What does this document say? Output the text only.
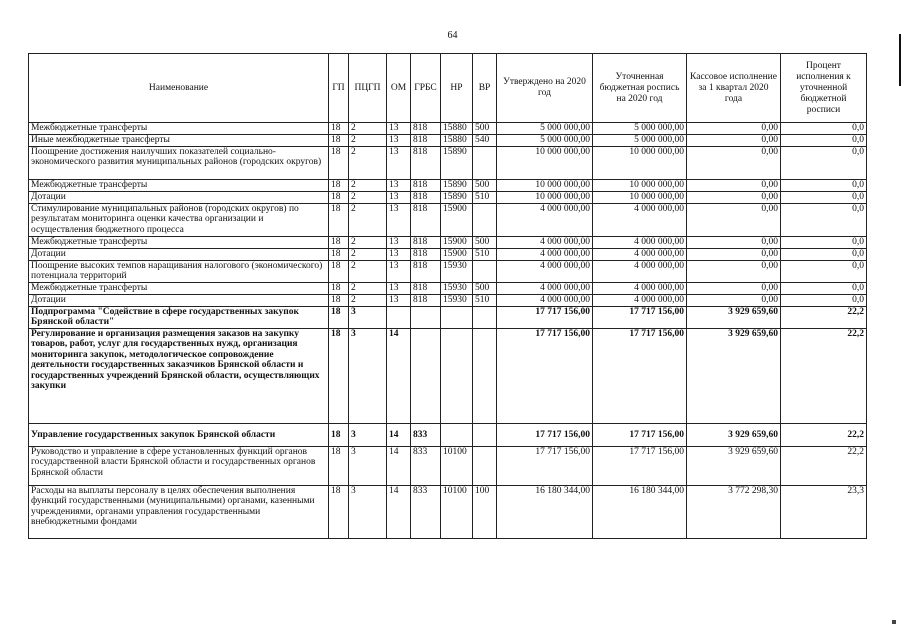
64
Наименование	ГП	ПЦГП	ОМ	ГРБС	НР	ВР	Утверждено на 2020 год	Уточненная бюджетная роспись на 2020 год	Кассовое исполнение за 1 квартал 2020 года	Процент исполнения к уточненной бюджетной росписи
Межбюджетные трансферты	18	2	13	818	15880	500	5 000 000,00	5 000 000,00	0,00	0,0
Иные межбюджетные трансферты	18	2	13	818	15880	540	5 000 000,00	5 000 000,00	0,00	0,0
Поощрение достижения наилучших показателей социально-экономического развития муниципальных районов (городских округов)	18	2	13	818	15890		10 000 000,00	10 000 000,00	0,00	0,0
Межбюджетные трансферты	18	2	13	818	15890	500	10 000 000,00	10 000 000,00	0,00	0,0
Дотации	18	2	13	818	15890	510	10 000 000,00	10 000 000,00	0,00	0,0
Стимулирование муниципальных районов (городских округов) по результатам мониторинга оценки качества организации и осуществления бюджетного процесса	18	2	13	818	15900		4 000 000,00	4 000 000,00	0,00	0,0
Межбюджетные трансферты	18	2	13	818	15900	500	4 000 000,00	4 000 000,00	0,00	0,0
Дотации	18	2	13	818	15900	510	4 000 000,00	4 000 000,00	0,00	0,0
Поощрение высоких темпов наращивания налогового (экономического) потенциала территорий	18	2	13	818	15930		4 000 000,00	4 000 000,00	0,00	0,0
Межбюджетные трансферты	18	2	13	818	15930	500	4 000 000,00	4 000 000,00	0,00	0,0
Дотации	18	2	13	818	15930	510	4 000 000,00	4 000 000,00	0,00	0,0
Подпрограмма "Содействие в сфере государственных закупок Брянской области"	18	3					17 717 156,00	17 717 156,00	3 929 659,60	22,2
Регулирование и организация размещения заказов на закупку товаров, работ, услуг для государственных нужд, организация мониторинга закупок, методологическое сопровождение деятельности государственных заказчиков Брянской области и государственных учреждений Брянской области, осуществляющих закупки	18	3	14				17 717 156,00	17 717 156,00	3 929 659,60	22,2
Управление государственных закупок Брянской области	18	3	14	833			17 717 156,00	17 717 156,00	3 929 659,60	22,2
Руководство и управление в сфере установленных функций органов государственной власти Брянской области и государственных органов Брянской области	18	3	14	833	10100		17 717 156,00	17 717 156,00	3 929 659,60	22,2
Расходы на выплаты персоналу в целях обеспечения выполнения функций государственными (муниципальными) органами, казенными учреждениями, органами управления государственными внебюджетными фондами	18	3	14	833	10100	100	16 180 344,00	16 180 344,00	3 772 298,30	23,3
